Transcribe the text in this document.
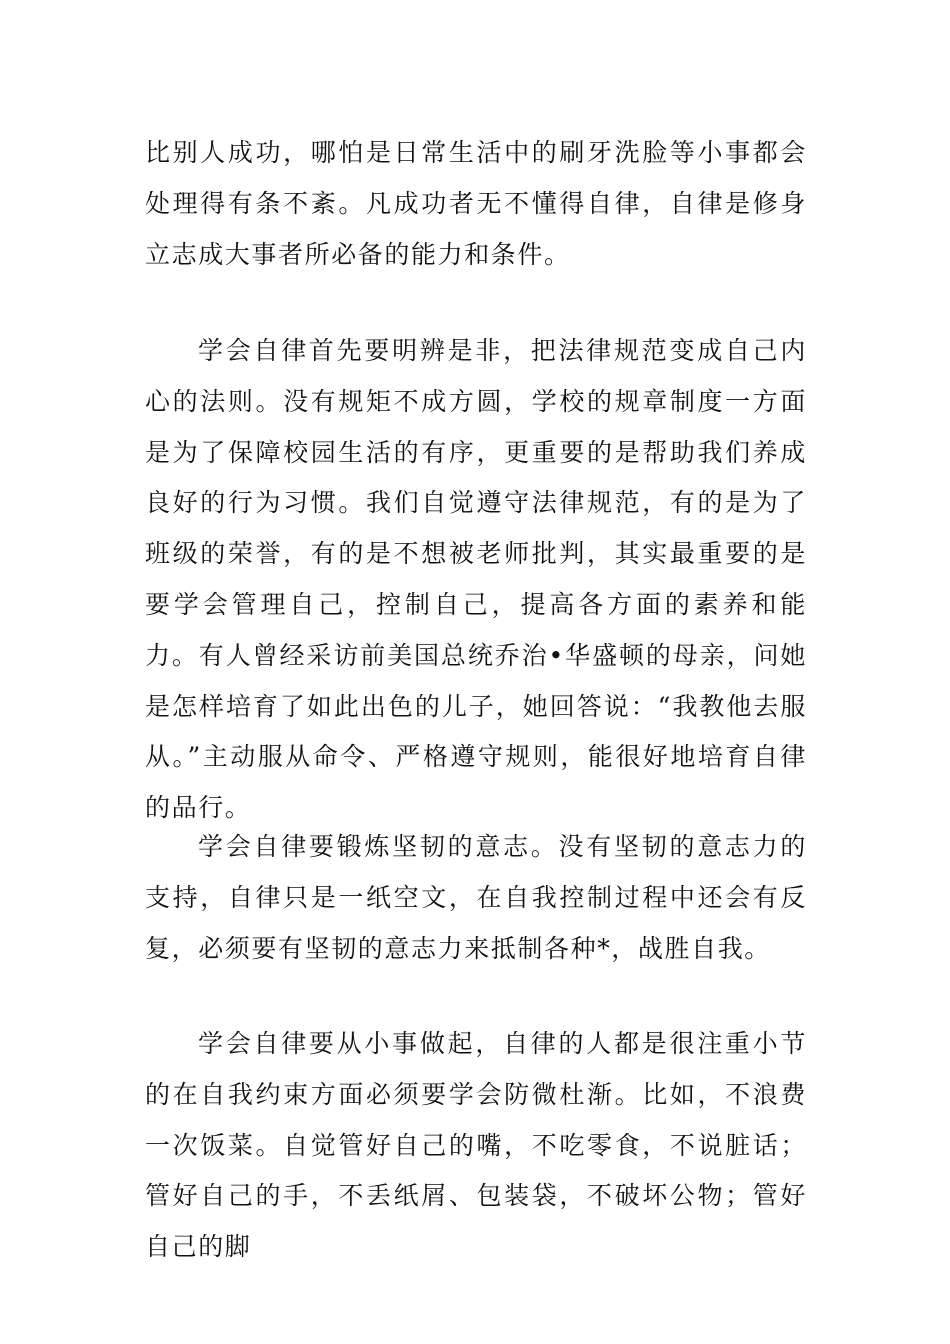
比别人成功，哪怕是日常生活中的刷牙洗脸等小事都会处理得有条不紊。凡成功者无不懂得自律，自律是修身立志成大事者所必备的能力和条件。

学会自律首先要明辨是非，把法律规范变成自己内心的法则。没有规矩不成方圆，学校的规章制度一方面是为了保障校园生活的有序，更重要的是帮助我们养成良好的行为习惯。我们自觉遵守法律规范，有的是为了班级的荣誉，有的是不想被老师批判，其实最重要的是要学会管理自己，控制自己，提高各方面的素养和能力。有人曾经采访前美国总统乔治•华盛顿的母亲，问她是怎样培育了如此出色的儿子，她回答说：“我教他去服从。”主动服从命令、严格遵守规则，能很好地培育自律的品行。

学会自律要锻炼坚韧的意志。没有坚韧的意志力的支持，自律只是一纸空文，在自我控制过程中还会有反复，必须要有坚韧的意志力来抵制各种*，战胜自我。

学会自律要从小事做起，自律的人都是很注重小节的在自我约束方面必须要学会防微杜渐。比如，不浪费一次饭菜。自觉管好自己的嘴，不吃零食，不说脏话；管好自己的手，不丢纸屑、包装袋，不破坏公物；管好自己的脚
